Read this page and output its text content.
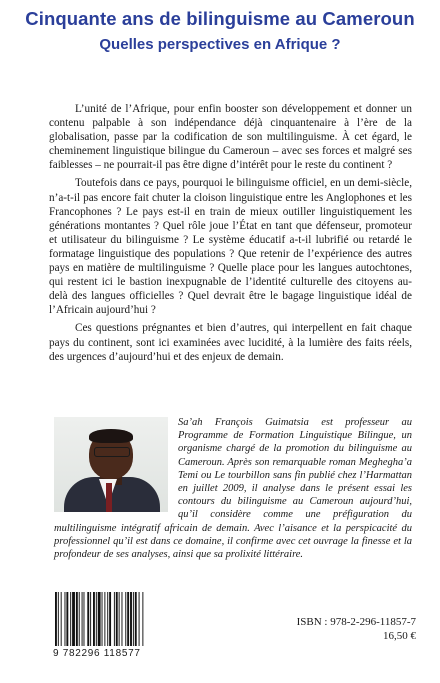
Cinquante ans de bilinguisme au Cameroun
Quelles perspectives en Afrique ?

L’unité de l’Afrique, pour enfin booster son développement et donner un contenu palpable à son indépendance déjà cinquantenaire à l’ère de la globalisation, passe par la codification de son multilinguisme. À cet égard, le cheminement linguistique bilingue du Cameroun – avec ses forces et malgré ses faiblesses – ne pourrait-il pas être digne d’intérêt pour le reste du continent ?

Toutefois dans ce pays, pourquoi le bilinguisme officiel, en un demi-siècle, n’a-t-il pas encore fait chuter la cloison linguistique entre les Anglophones et les Francophones ? Le pays est-il en train de mieux outiller linguistiquement les générations montantes ? Quel rôle joue l’État en tant que défenseur, promoteur et utilisateur du bilinguisme ? Le système éducatif a-t-il lubrifié ou retardé le formatage linguistique des populations ? Que retenir de l’expérience des autres pays en matière de multilinguisme ? Quelle place pour les langues autochtones, qui restent ici le bastion inexpugnable de l’identité culturelle des citoyens au-delà des langues officielles ? Quel devrait être le bagage linguistique idéal de l’Africain aujourd’hui ?

Ces questions prégnantes et bien d’autres, qui interpellent en fait chaque pays du continent, sont ici examinées avec lucidité, à la lumière des faits réels, des urgences d’aujourd’hui et des enjeux de demain.

Sa’ah François Guimatsia est professeur au Programme de Formation Linguistique Bilingue, un organisme chargé de la promotion du bilinguisme au Cameroun. Après son remarquable roman Megheghaʼa Temi ou Le tourbillon sans fin publié chez l’Harmattan en juillet 2009, il analyse dans le présent essai les contours du bilinguisme au Cameroun aujourd’hui, qu’il considère comme une préfiguration du multilinguisme intégratif africain de demain. Avec l’aisance et la perspicacité du professionnel qu’il est dans ce domaine, il confirme avec cet ouvrage la finesse et la profondeur de ses analyses, ainsi que sa prolixité littéraire.

9 782296 118577
ISBN : 978-2-296-11857-7
16,50 €
